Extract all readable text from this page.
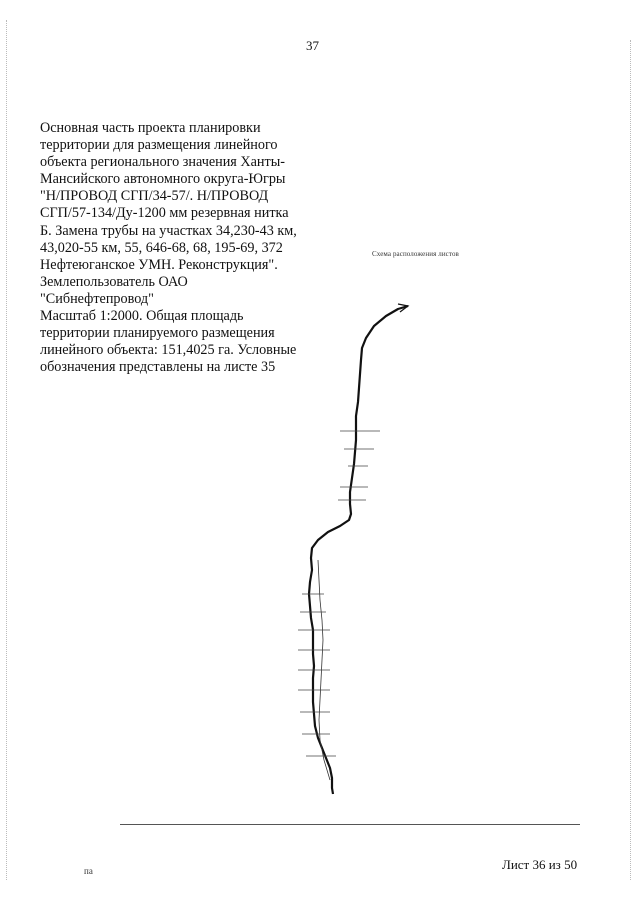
37
Основная часть проекта планировки
территории для размещения линейного
объекта регионального значения Ханты-
Мансийского автономного округа-Югры
"Н/ПРОВОД СГП/34-57/. Н/ПРОВОД
СГП/57-134/Ду-1200 мм резервная нитка
Б. Замена трубы на участках 34,230-43 км,
43,020-55 км, 55, 646-68, 68, 195-69, 372
Нефтеюганское УМН. Реконструкция".
Землепользователь ОАО
"Сибнефтепровод"
Масштаб 1:2000. Общая площадь
территории планируемого размещения
линейного объекта: 151,4025 га. Условные
обозначения представлены на листе 35
Схема расположения листов
па	Лист 36 из 50
